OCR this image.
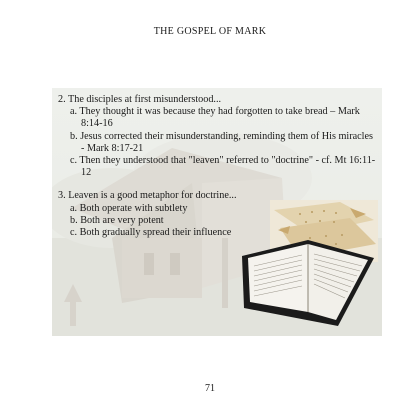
THE GOSPEL OF MARK

2. The disciples at first misunderstood...

a. They thought it was because they had forgotten to take bread – Mark 8:14-16

b. Jesus corrected their misunderstanding, reminding them of His miracles - Mark 8:17-21

c. Then they understood that "leaven" referred to "doctrine" - cf. Mt 16:11-12

3. Leaven is a good metaphor for doctrine...

a. Both operate with subtlety

b. Both are very potent

c. Both gradually spread their influence

71
